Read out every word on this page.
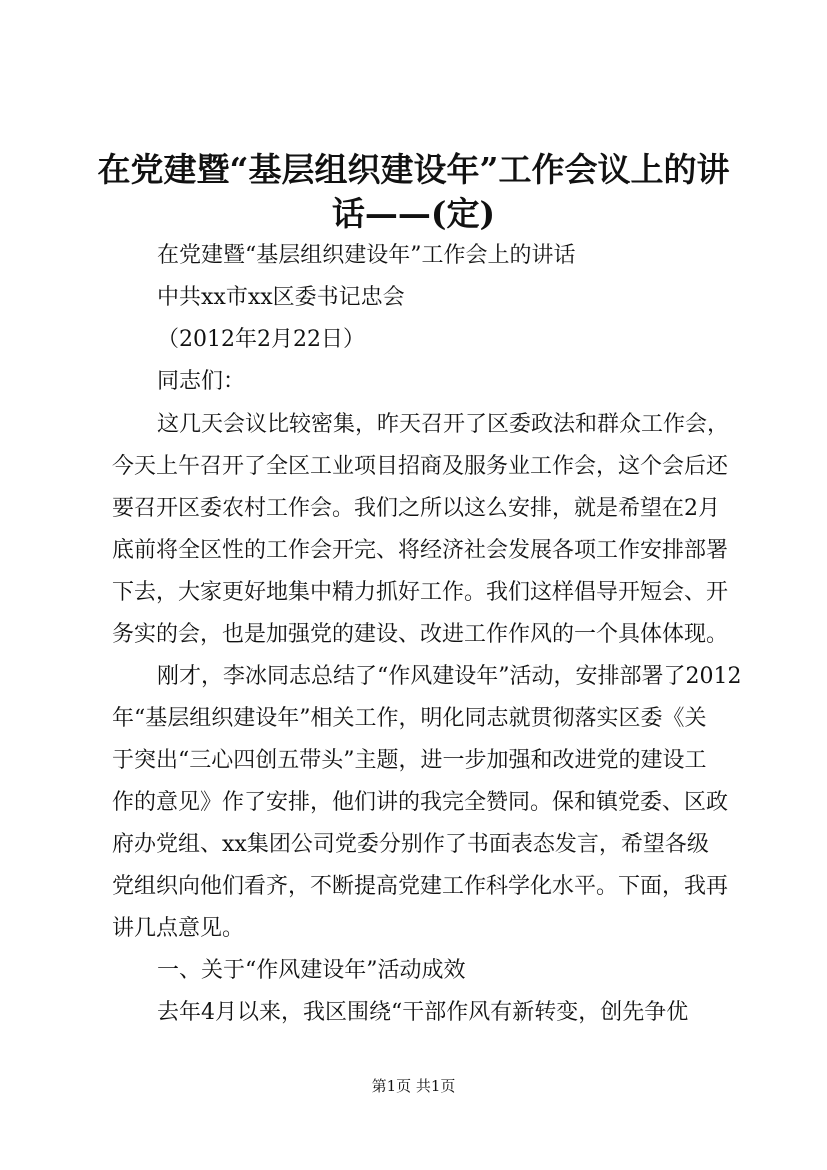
在党建暨“基层组织建设年”工作会议上的讲
话——(定)
在党建暨“基层组织建设年”工作会上的讲话
中共xx市xx区委书记忠会
（2012年2月22日）
同志们：
这几天会议比较密集，昨天召开了区委政法和群众工作会，
今天上午召开了全区工业项目招商及服务业工作会，这个会后还
要召开区委农村工作会。我们之所以这么安排，就是希望在2月
底前将全区性的工作会开完、将经济社会发展各项工作安排部署
下去，大家更好地集中精力抓好工作。我们这样倡导开短会、开
务实的会，也是加强党的建设、改进工作作风的一个具体体现。
刚才，李冰同志总结了“作风建设年”活动，安排部署了2012
年“基层组织建设年”相关工作，明化同志就贯彻落实区委《关
于突出“三心四创五带头”主题，进一步加强和改进党的建设工
作的意见》作了安排，他们讲的我完全赞同。保和镇党委、区政
府办党组、xx集团公司党委分别作了书面表态发言，希望各级
党组织向他们看齐，不断提高党建工作科学化水平。下面，我再
讲几点意见。
一、关于“作风建设年”活动成效
去年4月以来，我区围绕“干部作风有新转变，创先争优
第1页 共1页
